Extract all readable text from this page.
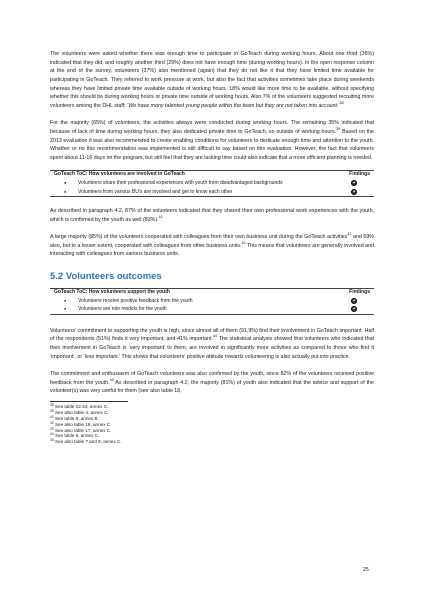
The volunteers were asked whether there was enough time to participate in GoTeach during working hours. About one third (36%) indicated that they did, and roughly another third (29%) does not have enough time (during working hours). In the open response column at the end of the survey, volunteers (37%) also mentioned (again) that they do not like it that they have limited time available for participating in GoTeach. They referred to work pressure at work, but also the fact that activities sometimes take place during weekends whereas they have limited private time available outside of working hours. 18% would like more time to be available, without specifying whether this should be during working hours or private time outside of working hours. Also 7% of the volunteers suggested recruiting more volunteers among the DHL staff; ‘We have many talented young people within the team but they are not taken into account.’$^{38}$

For the majority (65%) of volunteers, the activities always were conducted during working hours. The remaining 35% indicated that because of lack of time during working hours, they also dedicated private time to GoTeach, so outside of working hours.$^{39}$ Based on the 2013 evaluation it was also recommended to create enabling conditions for volunteers to dedicate enough time and attention to the youth. Whether or no this recommendation was implemented is still difficult to say based on this evaluation. However, the fact that volunteers spent about 11-16 days on the program, but still feel that they are lacking time could also indicate that a more efficient planning is needed.

GoTeach ToC: How volunteers are involved in GoTeach	Findings
●	Volunteers share their professional experiences with youth from disadvantaged backgrounds	+
●	Volunteers from various BU’s are involved and get to know each other	+

As described in paragraph 4.2, 87% of the volunteers indicated that they shared their own professional work experiences with the youth, which is confirmed by the youth as well (83%).$^{41}$

A large majority (85%) of the volunteers cooperated with colleagues from their own business unit during the GoTeach activities$^{42}$ and 69% also, but to a lesser extent, cooperated with colleagues from other business units.$^{43}$ This means that volunteers are generally involved and interacting with colleagues from various business units.

5.2 Volunteers outcomes
GoTeach ToC: How volunteers support the youth	Findings
●	Volunteers receive positive feedback from the youth	+
●	Volunteers are role models for the youth	+

Volunteers’ commitment to supporting the youth is high, since almost all of them (91,9%) find their involvement in GoTeach important. Half of the respondents (51%) finds it very important, and 41% important.$^{44}$ The statistical analysis showed that volunteers who indicated that their involvement in GoTeach is ‘very important’ to them, are involved in significantly more activities as compared to those who find it ‘important’, or ‘less important.’ This shows that volunteers’ positive attitude towards volunteering is also actually put into practice.

The commitment and enthusiasm of GoTeach volunteers was also confirmed by the youth, since 82% of the volunteers received positive feedback from the youth.$^{45}$ As described in paragraph 4.2, the majority (81%) of youth also indicated that the advice and support of the volunteer(s) was very useful for them (see also table 18,

$^{38}$ See table 22-23, annex C.
$^{39}$ See also table 4, annex C.
$^{41}$ See table 9, annex B.
$^{42}$ See also table 16, annex C.
$^{43}$ See also table 17, annex C.
$^{44}$ See table 6, annex C.
$^{45}$ See also table 7 and 8, annex C.
25
